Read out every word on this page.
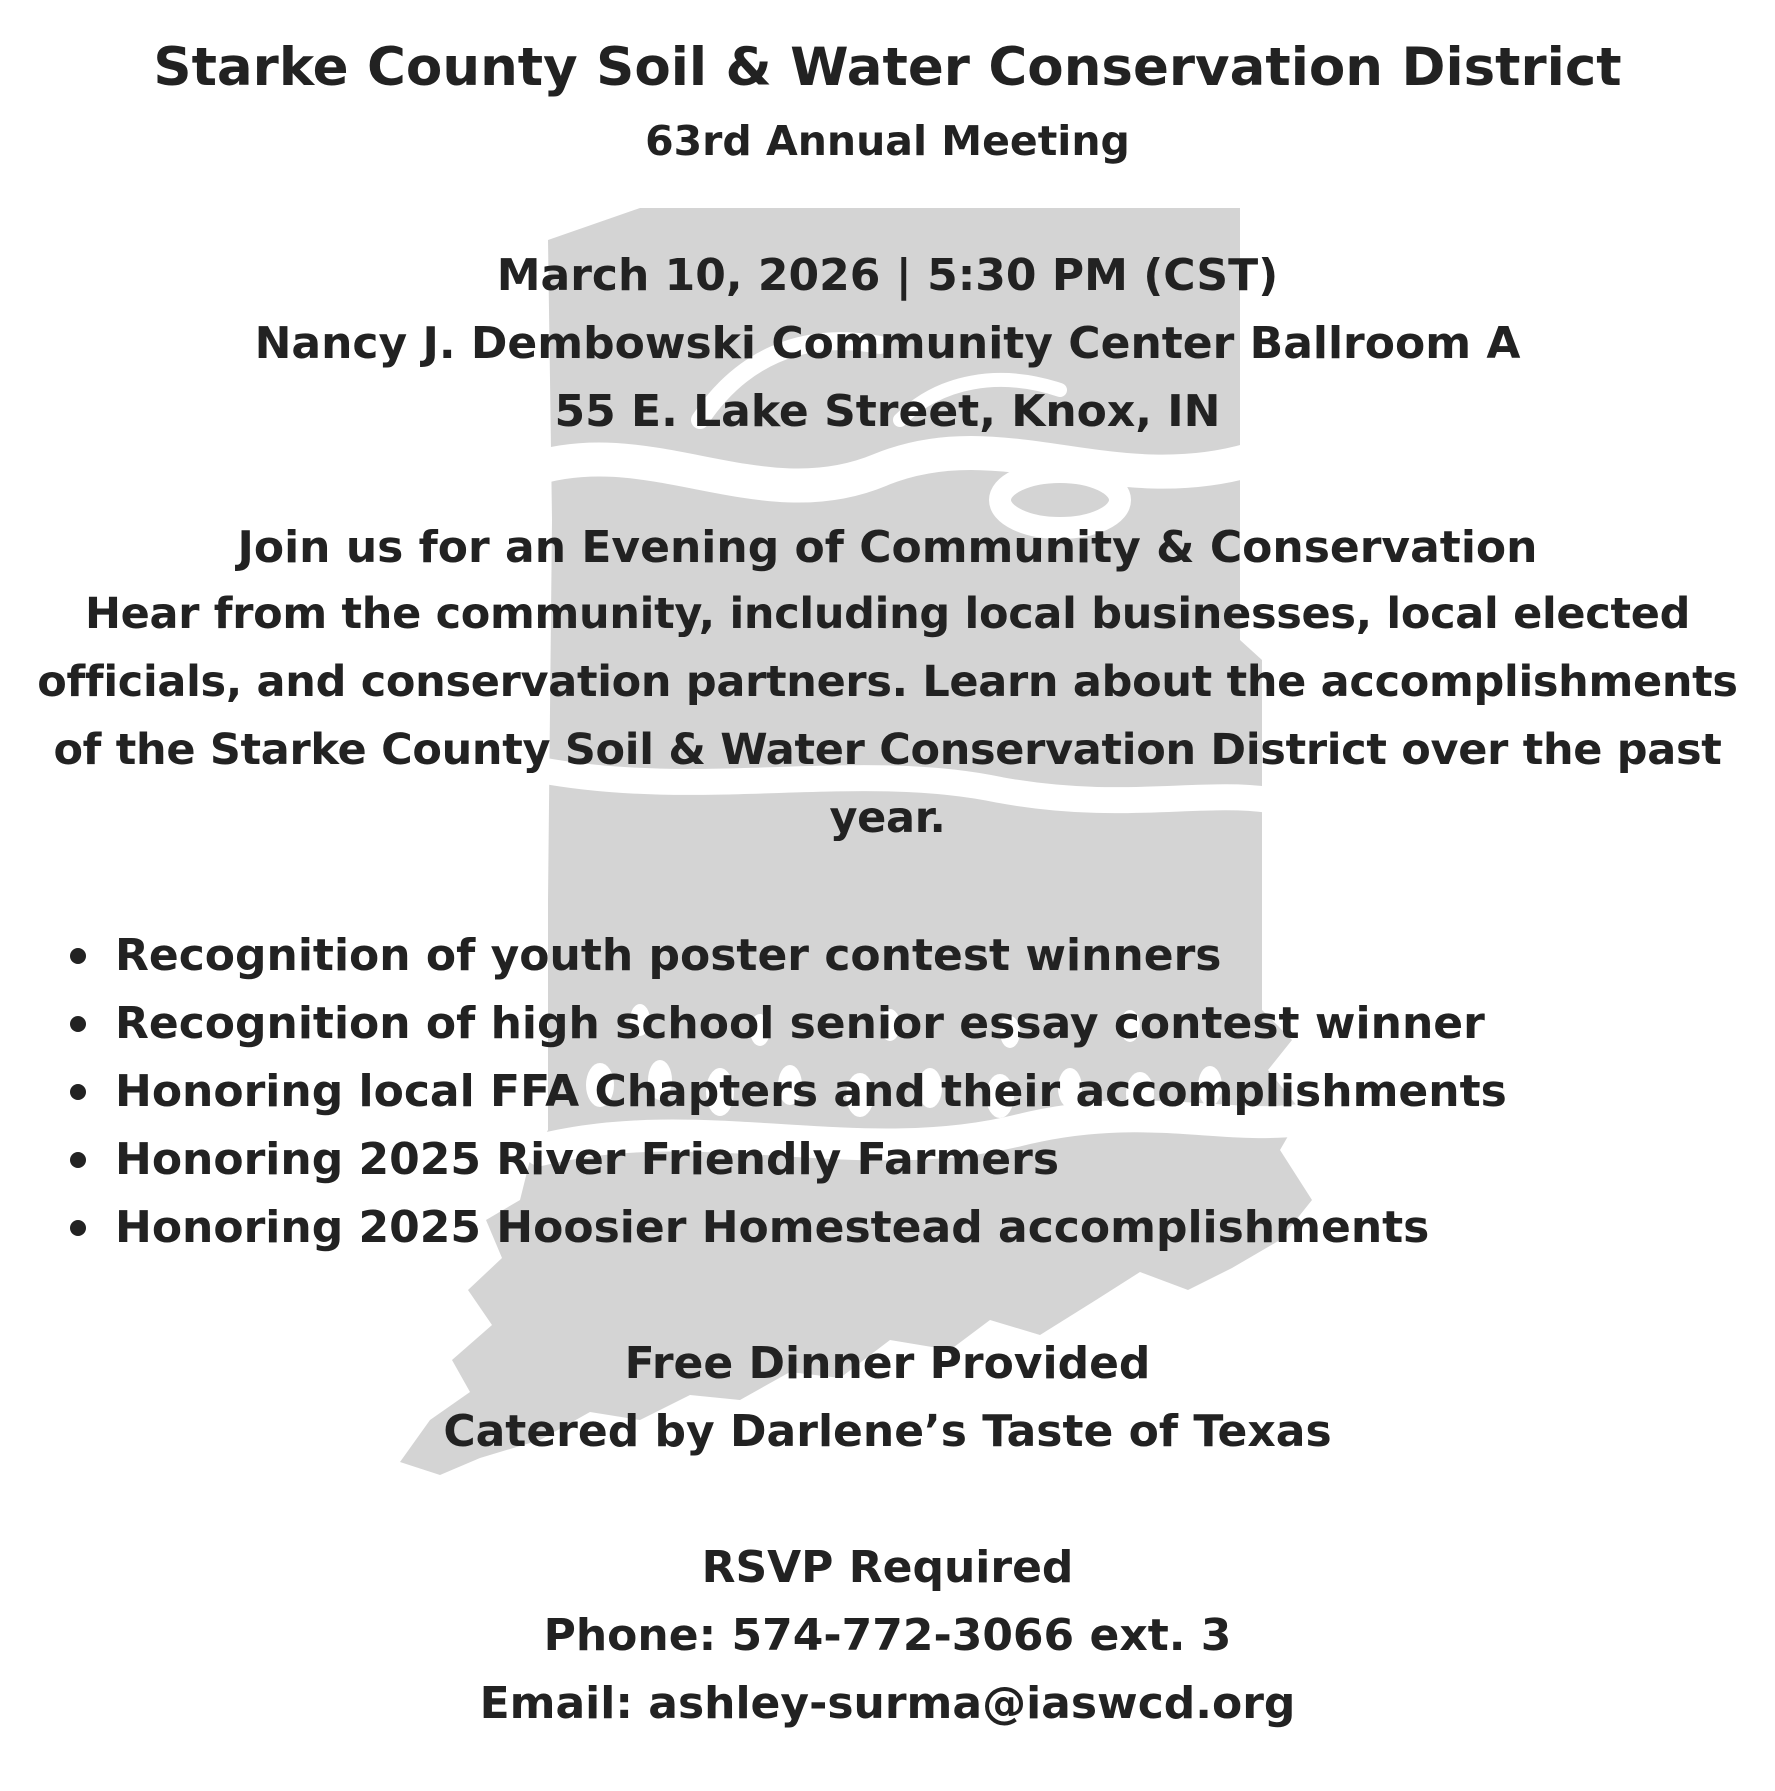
Starke County Soil & Water Conservation District
63rd Annual Meeting
March 10, 2026 | 5:30 PM (CST)
Nancy J. Dembowski Community Center Ballroom A
55 E. Lake Street, Knox, IN
Join us for an Evening of Community & Conservation
Hear from the community, including local businesses, local elected officials, and conservation partners. Learn about the accomplishments of the Starke County Soil & Water Conservation District over the past year.
Recognition of youth poster contest winners
Recognition of high school senior essay contest winner
Honoring local FFA Chapters and their accomplishments
Honoring 2025 River Friendly Farmers
Honoring 2025 Hoosier Homestead accomplishments
Free Dinner Provided
Catered by Darlene’s Taste of Texas
RSVP Required
Phone: 574-772-3066 ext. 3
Email: ashley-surma@iaswcd.org
